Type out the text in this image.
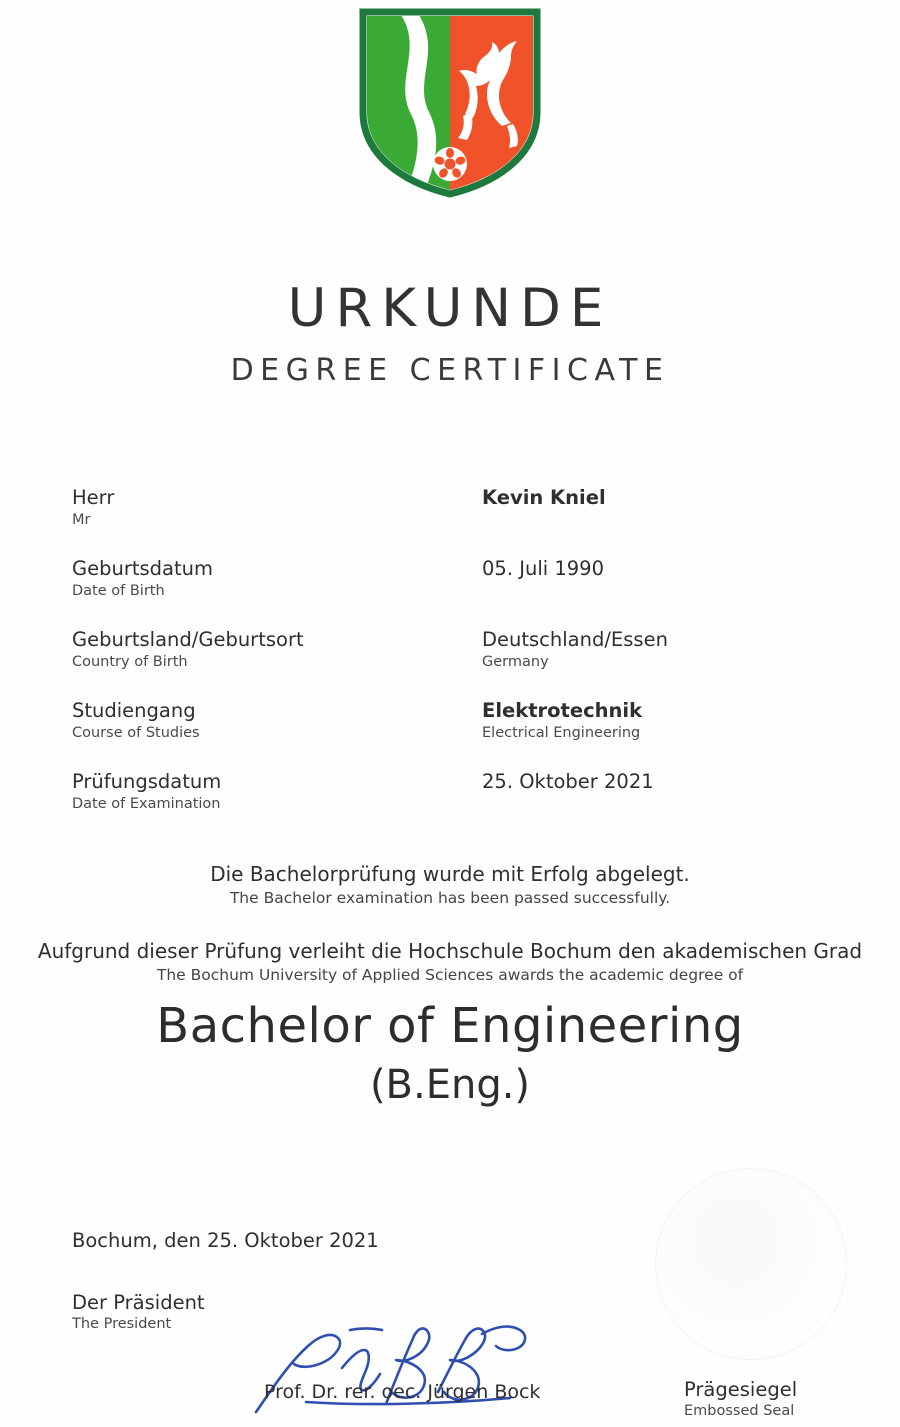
URKUNDE
DEGREE CERTIFICATE
Herr
Mr
Kevin Kniel
Geburtsdatum
Date of Birth
05. Juli 1990
Geburtsland/Geburtsort
Country of Birth
Deutschland/Essen
Germany
Studiengang
Course of Studies
Elektrotechnik
Electrical Engineering
Prüfungsdatum
Date of Examination
25. Oktober 2021
Die Bachelorprüfung wurde mit Erfolg abgelegt.
The Bachelor examination has been passed successfully.
Aufgrund dieser Prüfung verleiht die Hochschule Bochum den akademischen Grad
The Bochum University of Applied Sciences awards the academic degree of
Bachelor of Engineering
(B.Eng.)
Bochum, den 25. Oktober 2021
Der Präsident
The President
Prof. Dr. rer. oec. Jürgen Bock	Prägesiegel
Embossed Seal
